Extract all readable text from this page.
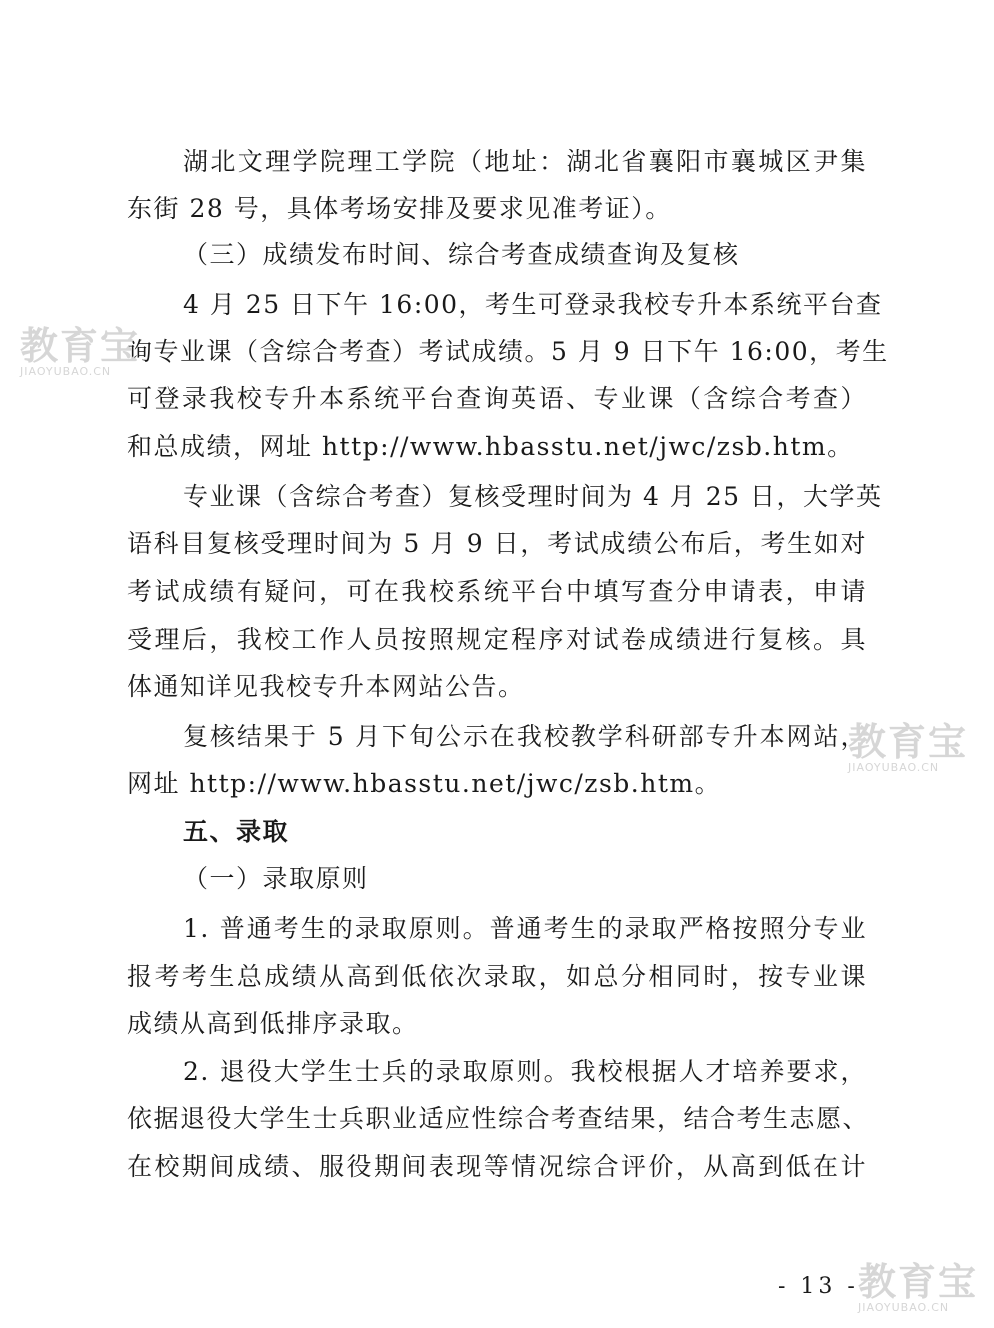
湖北文理学院理工学院（地址：湖北省襄阳市襄城区尹集
东街 28 号，具体考场安排及要求见准考证）。
（三）成绩发布时间、综合考查成绩查询及复核
4 月 25 日下午 16:00，考生可登录我校专升本系统平台查
询专业课（含综合考查）考试成绩。5 月 9 日下午 16:00，考生
可登录我校专升本系统平台查询英语、专业课（含综合考查）
和总成绩，网址 http://www.hbasstu.net/jwc/zsb.htm。
专业课（含综合考查）复核受理时间为 4 月 25 日，大学英
语科目复核受理时间为 5 月 9 日，考试成绩公布后，考生如对
考试成绩有疑问，可在我校系统平台中填写查分申请表，申请
受理后，我校工作人员按照规定程序对试卷成绩进行复核。具
体通知详见我校专升本网站公告。
复核结果于 5 月下旬公示在我校教学科研部专升本网站，
网址 http://www.hbasstu.net/jwc/zsb.htm。
五、录取
（一）录取原则
1. 普通考生的录取原则。普通考生的录取严格按照分专业
报考考生总成绩从高到低依次录取，如总分相同时，按专业课
成绩从高到低排序录取。
2. 退役大学生士兵的录取原则。我校根据人才培养要求，
依据退役大学生士兵职业适应性综合考查结果，结合考生志愿、
在校期间成绩、服役期间表现等情况综合评价，从高到低在计
- 13 -
教育宝
JIAOYUBAO.CN
教育宝
JIAOYUBAO.CN
教育宝
JIAOYUBAO.CN
